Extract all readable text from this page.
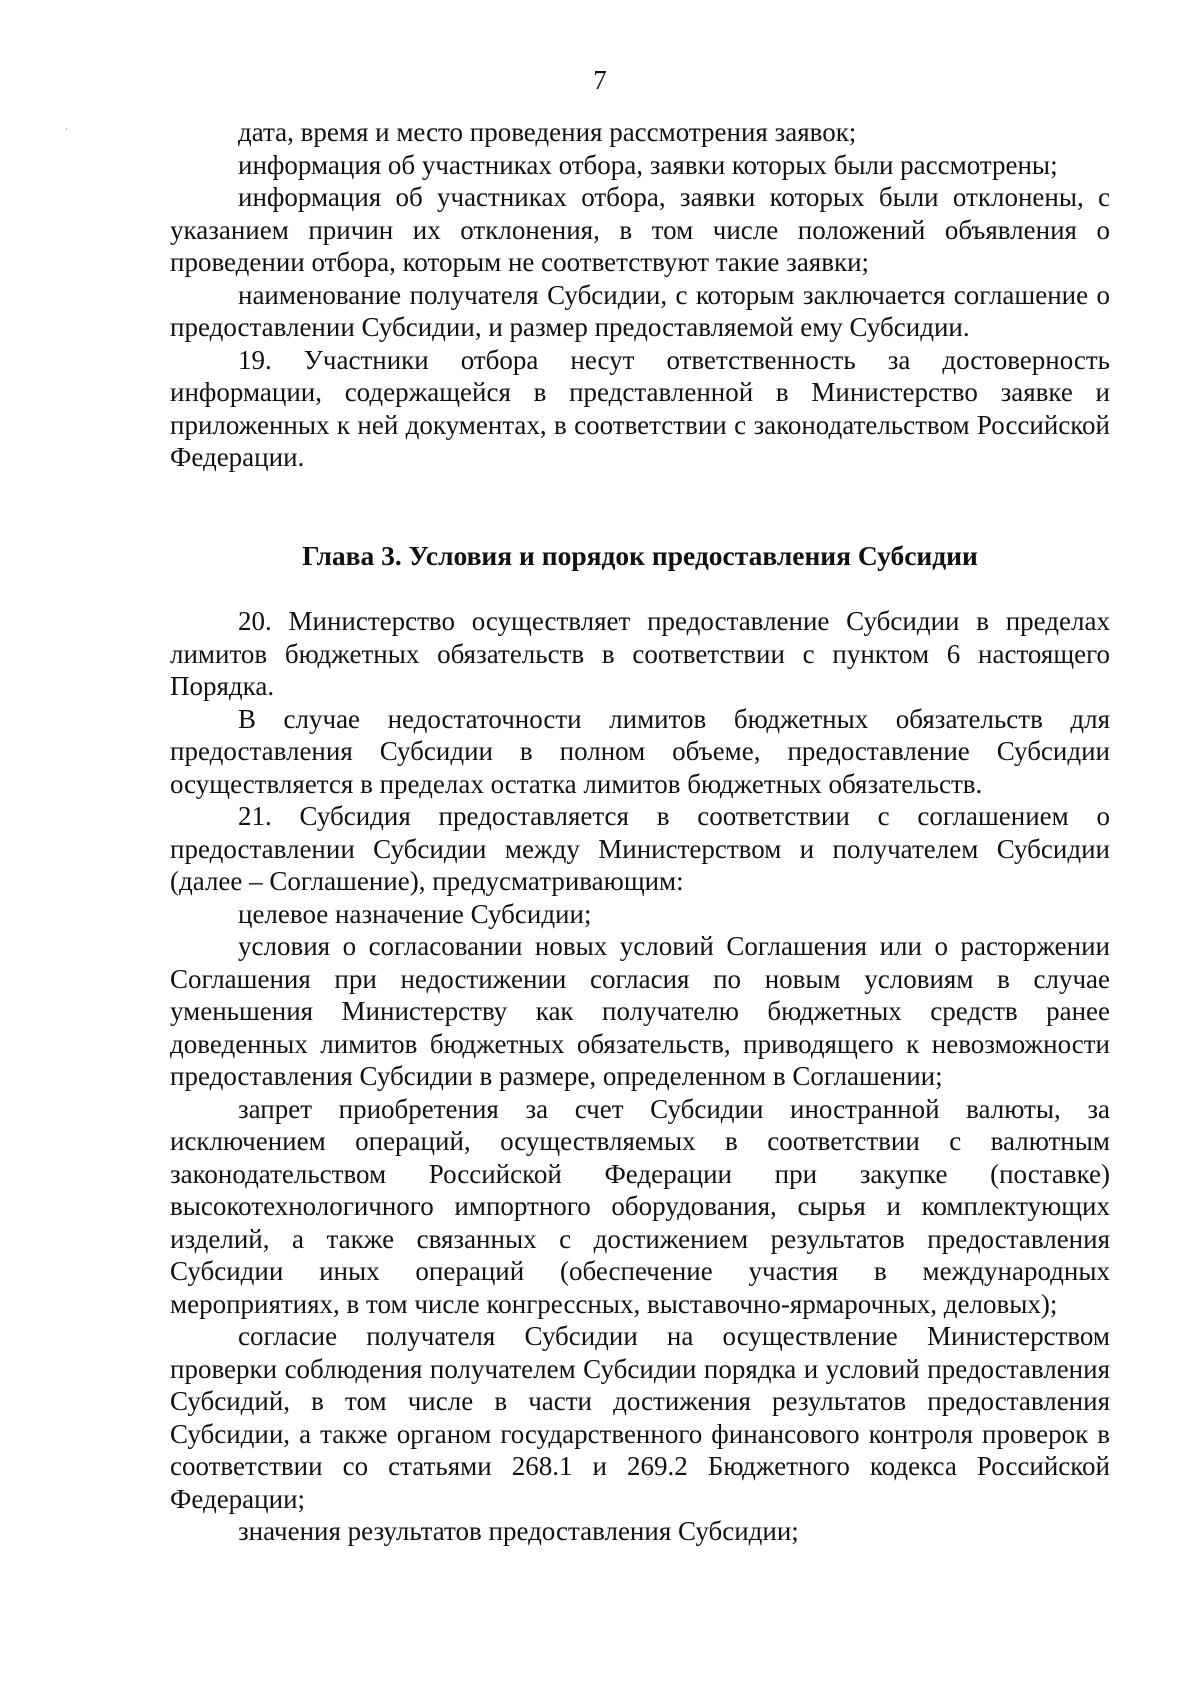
7

дата, время и место проведения рассмотрения заявок;

информация об участниках отбора, заявки которых были рассмотрены;

информация об участниках отбора, заявки которых были отклонены, с указанием причин их отклонения, в том числе положений объявления о проведении отбора, которым не соответствуют такие заявки;

наименование получателя Субсидии, с которым заключается соглашение о предоставлении Субсидии, и размер предоставляемой ему Субсидии.

19. Участники отбора несут ответственность за достоверность информации, содержащейся в представленной в Министерство заявке и приложенных к ней документах, в соответствии с законодательством Российской Федерации.

Глава 3. Условия и порядок предоставления Субсидии

20. Министерство осуществляет предоставление Субсидии в пределах лимитов бюджетных обязательств в соответствии с пунктом 6 настоящего Порядка.

В случае недостаточности лимитов бюджетных обязательств для предоставления Субсидии в полном объеме, предоставление Субсидии осуществляется в пределах остатка лимитов бюджетных обязательств.

21. Субсидия предоставляется в соответствии с соглашением о предоставлении Субсидии между Министерством и получателем Субсидии (далее – Соглашение), предусматривающим:

целевое назначение Субсидии;

условия о согласовании новых условий Соглашения или о расторжении Соглашения при недостижении согласия по новым условиям в случае уменьшения Министерству как получателю бюджетных средств ранее доведенных лимитов бюджетных обязательств, приводящего к невозможности предоставления Субсидии в размере, определенном в Соглашении;

запрет приобретения за счет Субсидии иностранной валюты, за исключением операций, осуществляемых в соответствии с валютным законодательством Российской Федерации при закупке (поставке) высокотехнологичного импортного оборудования, сырья и комплектующих изделий, а также связанных с достижением результатов предоставления Субсидии иных операций (обеспечение участия в международных мероприятиях, в том числе конгрессных, выставочно-ярмарочных, деловых);

согласие получателя Субсидии на осуществление Министерством проверки соблюдения получателем Субсидии порядка и условий предоставления Субсидий, в том числе в части достижения результатов предоставления Субсидии, а также органом государственного финансового контроля проверок в соответствии со статьями 268.1 и 269.2 Бюджетного кодекса Российской Федерации;

значения результатов предоставления Субсидии;
